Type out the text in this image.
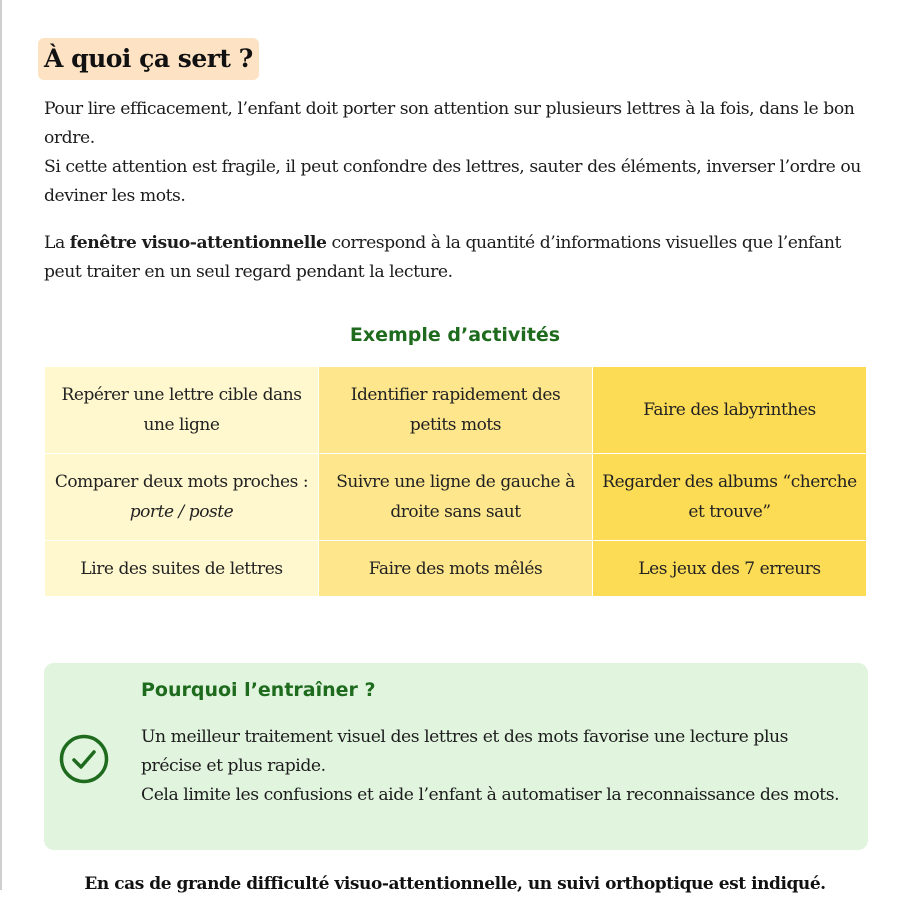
À quoi ça sert ?

Pour lire efficacement, l’enfant doit porter son attention sur plusieurs lettres à la fois, dans le bon ordre.
Si cette attention est fragile, il peut confondre des lettres, sauter des éléments, inverser l’ordre ou deviner les mots.

La fenêtre visuo-attentionnelle correspond à la quantité d’informations visuelles que l’enfant peut traiter en un seul regard pendant la lecture.

Exemple d’activités
Repérer une lettre cible dans une ligne	Identifier rapidement des petits mots	Faire des labyrinthes
Comparer deux mots proches : porte / poste	Suivre une ligne de gauche à droite sans saut	Regarder des albums “cherche et trouve”
Lire des suites de lettres	Faire des mots mêlés	Les jeux des 7 erreurs
Pourquoi l’entraîner ?

Un meilleur traitement visuel des lettres et des mots favorise une lecture plus précise et plus rapide.
Cela limite les confusions et aide l’enfant à automatiser la reconnaissance des mots.

En cas de grande difficulté visuo-attentionnelle, un suivi orthoptique est indiqué.
